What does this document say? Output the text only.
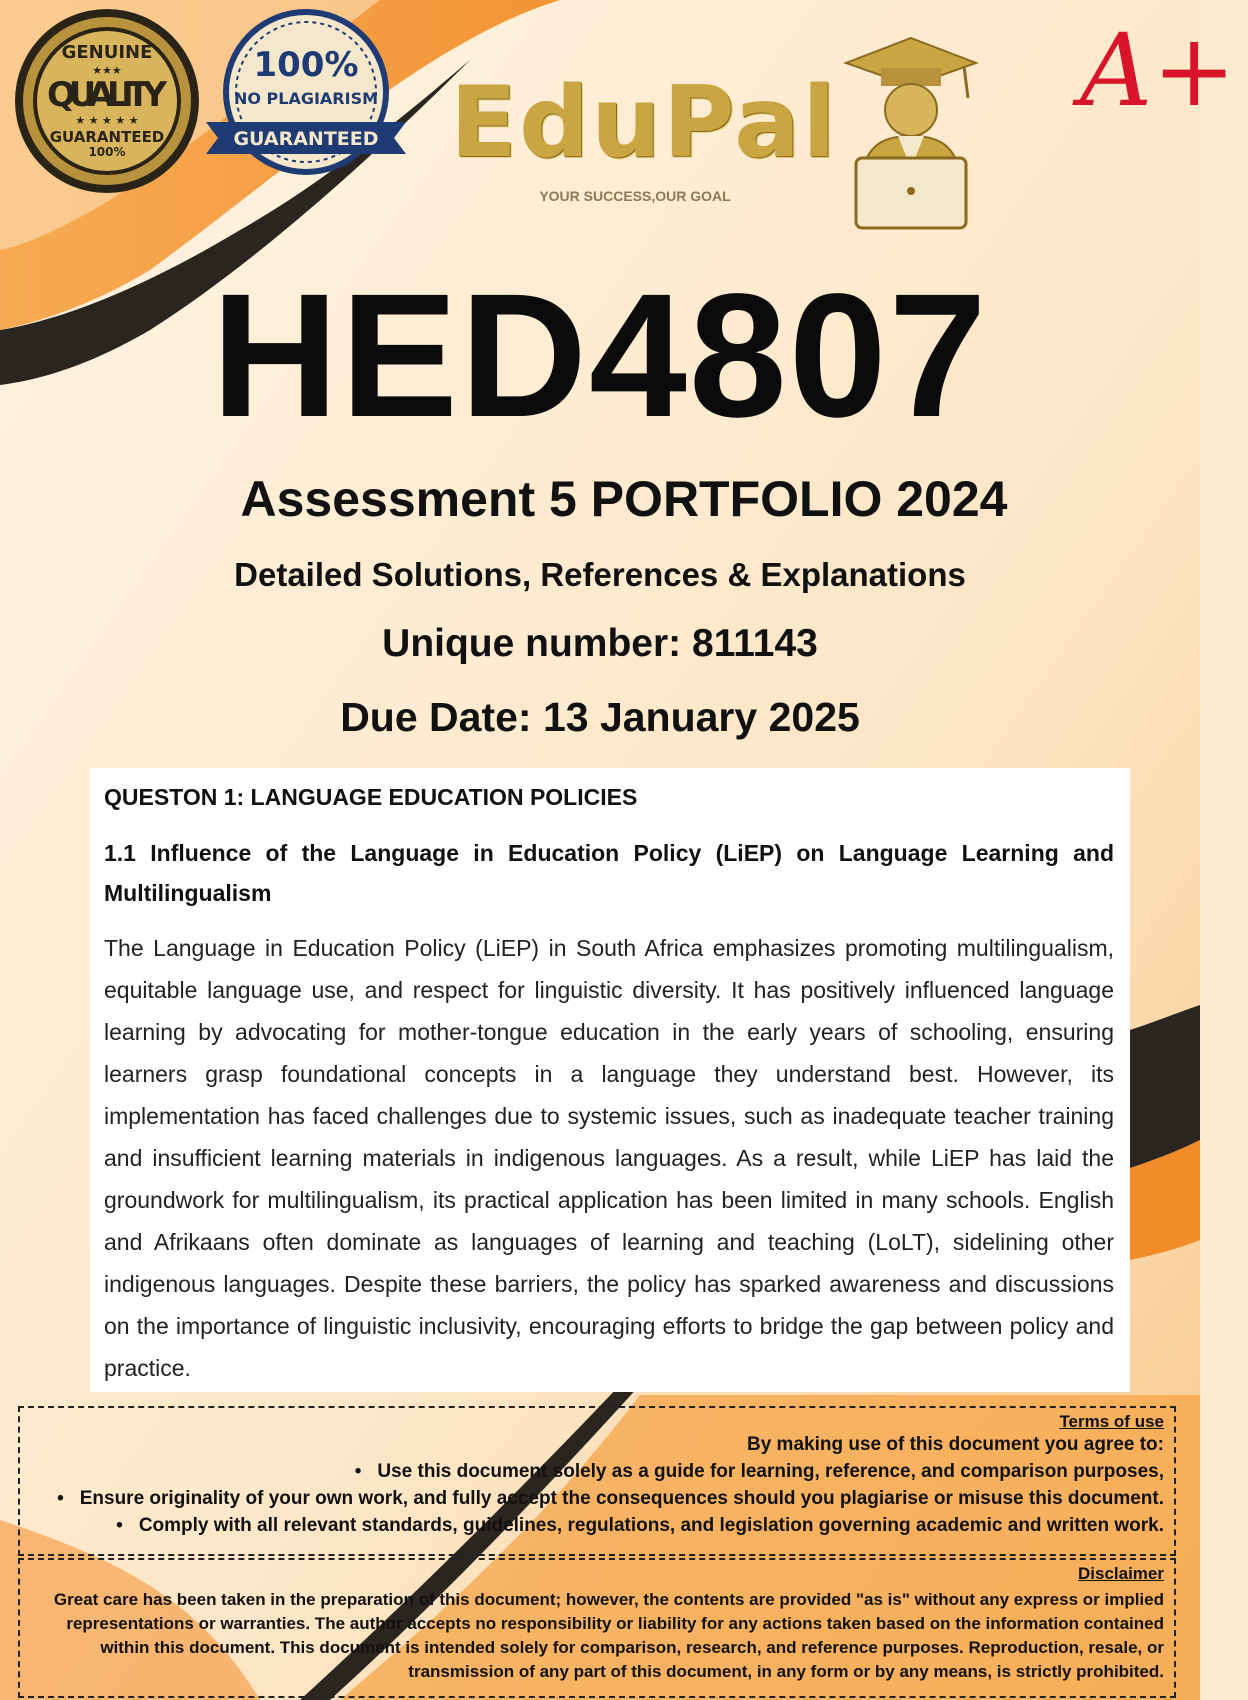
GENUINE
★★★
QUALITY
★ ★ ★ ★ ★
GUARANTEED
100%
100%
NO PLAGIARISM
GUARANTEED EduPal
YOUR SUCCESS,OUR GOAL
A+
HED4807
Assessment 5 PORTFOLIO 2024
Detailed Solutions, References & Explanations
Unique number: 811143
Due Date: 13 January 2025
QUESTON 1: LANGUAGE EDUCATION POLICIES
1.1 Influence of the Language in Education Policy (LiEP) on Language Learning and Multilingualism
The Language in Education Policy (LiEP) in South Africa emphasizes promoting multilingualism, equitable language use, and respect for linguistic diversity. It has positively influenced language learning by advocating for mother-tongue education in the early years of schooling, ensuring learners grasp foundational concepts in a language they understand best. However, its implementation has faced challenges due to systemic issues, such as inadequate teacher training and insufficient learning materials in indigenous languages. As a result, while LiEP has laid the groundwork for multilingualism, its practical application has been limited in many schools. English and Afrikaans often dominate as languages of learning and teaching (LoLT), sidelining other indigenous languages. Despite these barriers, the policy has sparked awareness and discussions on the importance of linguistic inclusivity, encouraging efforts to bridge the gap between policy and practice.
Terms of use
By making use of this document you agree to:
• Use this document solely as a guide for learning, reference, and comparison purposes,
• Ensure originality of your own work, and fully accept the consequences should you plagiarise or misuse this document.
• Comply with all relevant standards, guidelines, regulations, and legislation governing academic and written work.
Disclaimer
Great care has been taken in the preparation of this document; however, the contents are provided "as is" without any express or implied representations or warranties. The author accepts no responsibility or liability for any actions taken based on the information contained within this document. This document is intended solely for comparison, research, and reference purposes. Reproduction, resale, or transmission of any part of this document, in any form or by any means, is strictly prohibited.
